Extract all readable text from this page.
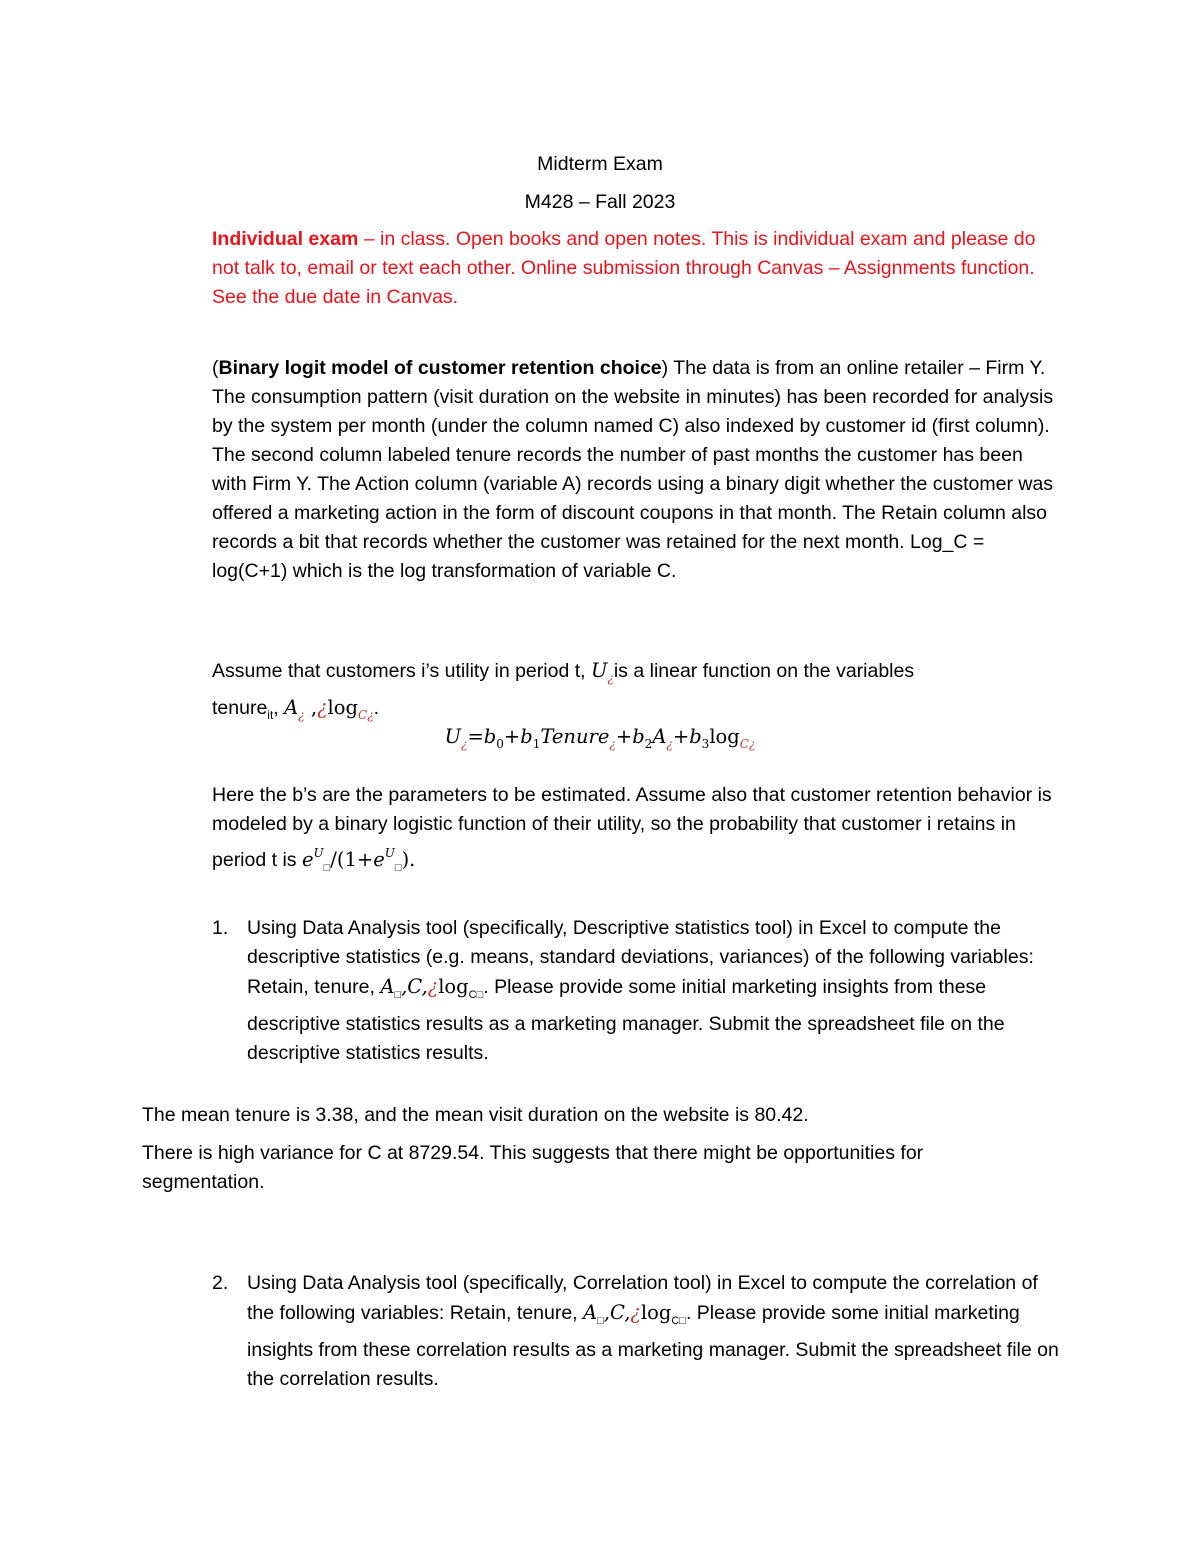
Midterm Exam
M428 – Fall 2023

Individual exam – in class. Open books and open notes. This is individual exam and please do not talk to, email or text each other. Online submission through Canvas – Assignments function. See the due date in Canvas.

(Binary logit model of customer retention choice) The data is from an online retailer – Firm Y. The consumption pattern (visit duration on the website in minutes) has been recorded for analysis by the system per month (under the column named C) also indexed by customer id (first column). The second column labeled tenure records the number of past months the customer has been with Firm Y. The Action column (variable A) records using a binary digit whether the customer was offered a marketing action in the form of discount coupons in that month. The Retain column also records a bit that records whether the customer was retained for the next month. Log_C = log(C+1) which is the log transformation of variable C.

Assume that customers i’s utility in period t, $U_¿is$ a linear function on the variables
tenure$_{it}$, $A_¿$ $,¿\log_{C¿}$.

$U_¿=b_0+b_1Tenure_¿+b_2A_¿+b_3\log_{C¿}$

Here the b’s are the parameters to be estimated. Assume also that customer retention behavior is modeled by a binary logistic function of their utility, so the probability that customer i retains in period t is $e^U_□/(1+e^U_□)$.

1. Using Data Analysis tool (specifically, Descriptive statistics tool) in Excel to compute the descriptive statistics (e.g. means, standard deviations, variances) of the following variables: Retain, tenure, $A_□,C,¿\log_{C□}$. Please provide some initial marketing insights from these descriptive statistics results as a marketing manager. Submit the spreadsheet file on the descriptive statistics results.

The mean tenure is 3.38, and the mean visit duration on the website is 80.42.

There is high variance for C at 8729.54. This suggests that there might be opportunities for segmentation.

2. Using Data Analysis tool (specifically, Correlation tool) in Excel to compute the correlation of the following variables: Retain, tenure, $A_□,C,¿\log_{C□}$. Please provide some initial marketing insights from these correlation results as a marketing manager. Submit the spreadsheet file on the correlation results.
